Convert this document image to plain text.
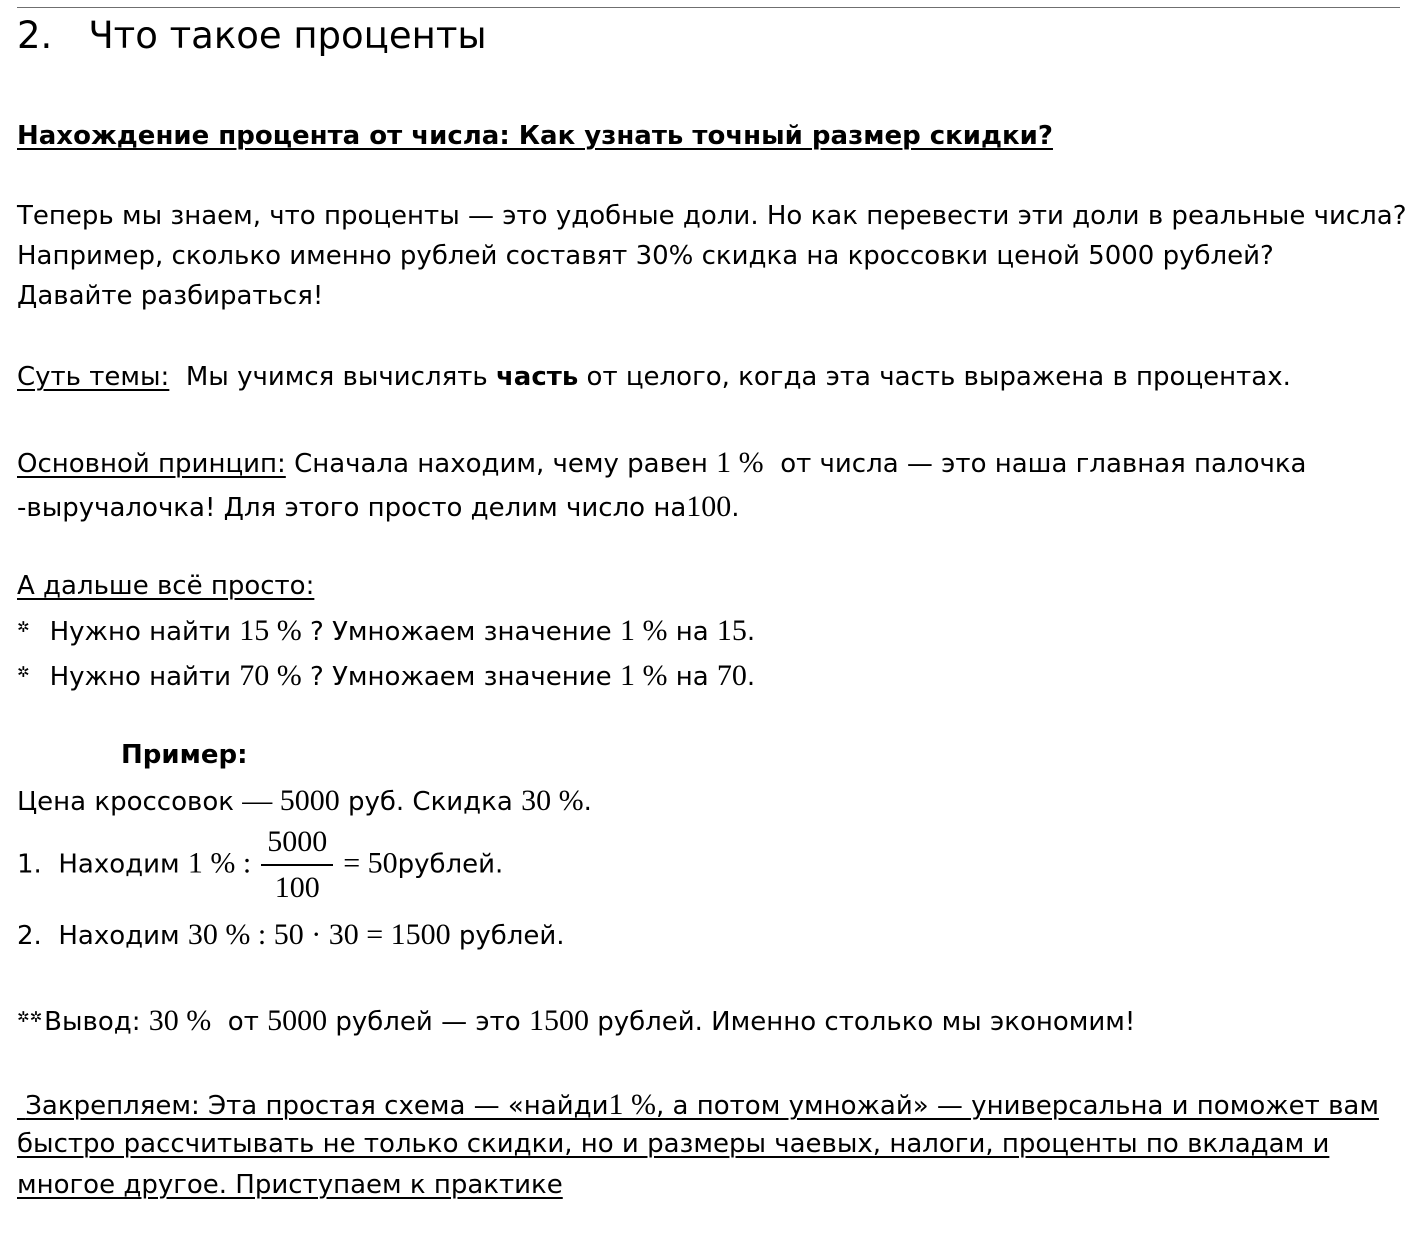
2. Что такое проценты
Нахождение процента от числа: Как узнать точный размер скидки?
Теперь мы знаем, что проценты — это удобные доли. Но как перевести эти доли в реальные числа?
Например, сколько именно рублей составят 30% скидка на кроссовки ценой 5000 рублей?
Давайте разбираться!
Суть темы: Мы учимся вычислять часть от целого, когда эта часть выражена в процентах.
Основной принцип: Сначала находим, чему равен 1 % от числа — это наша главная палочка
-выручалочка! Для этого просто делим число на100.
А дальше всё просто:
✲ Нужно найти 15 % ? Умножаем значение 1 % на 15.
✲ Нужно найти 70 % ? Умножаем значение 1 % на 70.
Пример:
Цена кроссовок — 5000 руб. Скидка 30 %.
1. Находим 1 % : $\frac{5000}{100}$ = 50рублей.
2. Находим 30 % : 50 · 30 = 1500 рублей.
✲✲Вывод: 30 % от 5000 рублей — это 1500 рублей. Именно столько мы экономим!
Закрепляем: Эта простая схема — «найди1 %, а потом умножай» — универсальна и поможет вам
быстро рассчитывать не только скидки, но и размеры чаевых, налоги, проценты по вкладам и
многое другое. Приступаем к практике
